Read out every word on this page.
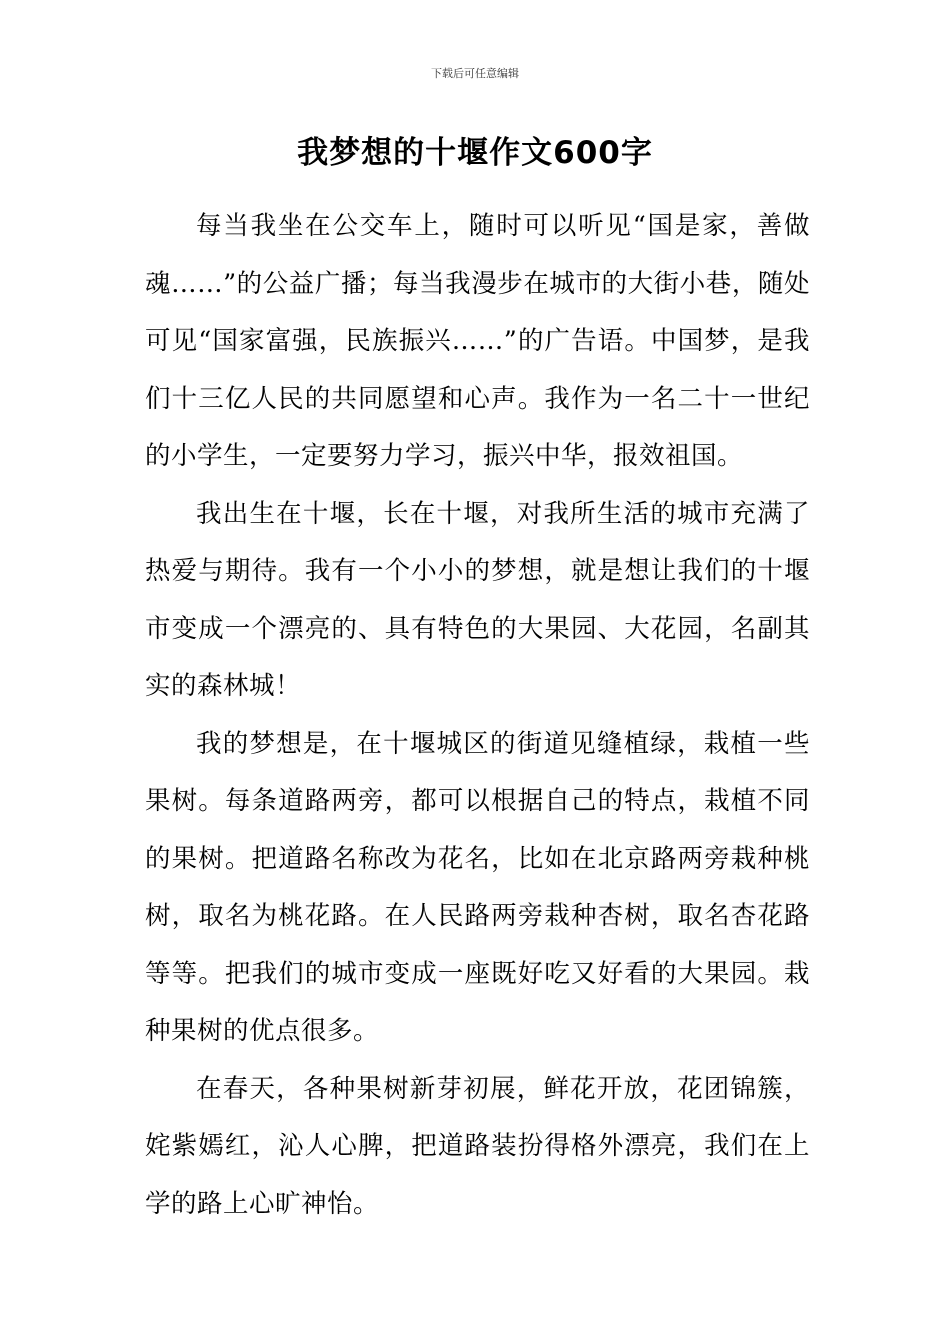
下载后可任意编辑
我梦想的十堰作文600字

每当我坐在公交车上，随时可以听见“国是家，善做魂……”的公益广播；每当我漫步在城市的大街小巷，随处可见“国家富强，民族振兴……”的广告语。中国梦，是我们十三亿人民的共同愿望和心声。我作为一名二十一世纪的小学生，一定要努力学习，振兴中华，报效祖国。

我出生在十堰，长在十堰，对我所生活的城市充满了热爱与期待。我有一个小小的梦想，就是想让我们的十堰市变成一个漂亮的、具有特色的大果园、大花园，名副其实的森林城！

我的梦想是，在十堰城区的街道见缝植绿，栽植一些果树。每条道路两旁，都可以根据自己的特点，栽植不同的果树。把道路名称改为花名，比如在北京路两旁栽种桃树，取名为桃花路。在人民路两旁栽种杏树，取名杏花路等等。把我们的城市变成一座既好吃又好看的大果园。栽种果树的优点很多。

在春天，各种果树新芽初展，鲜花开放，花团锦簇，姹紫嫣红，沁人心脾，把道路装扮得格外漂亮，我们在上学的路上心旷神怡。
